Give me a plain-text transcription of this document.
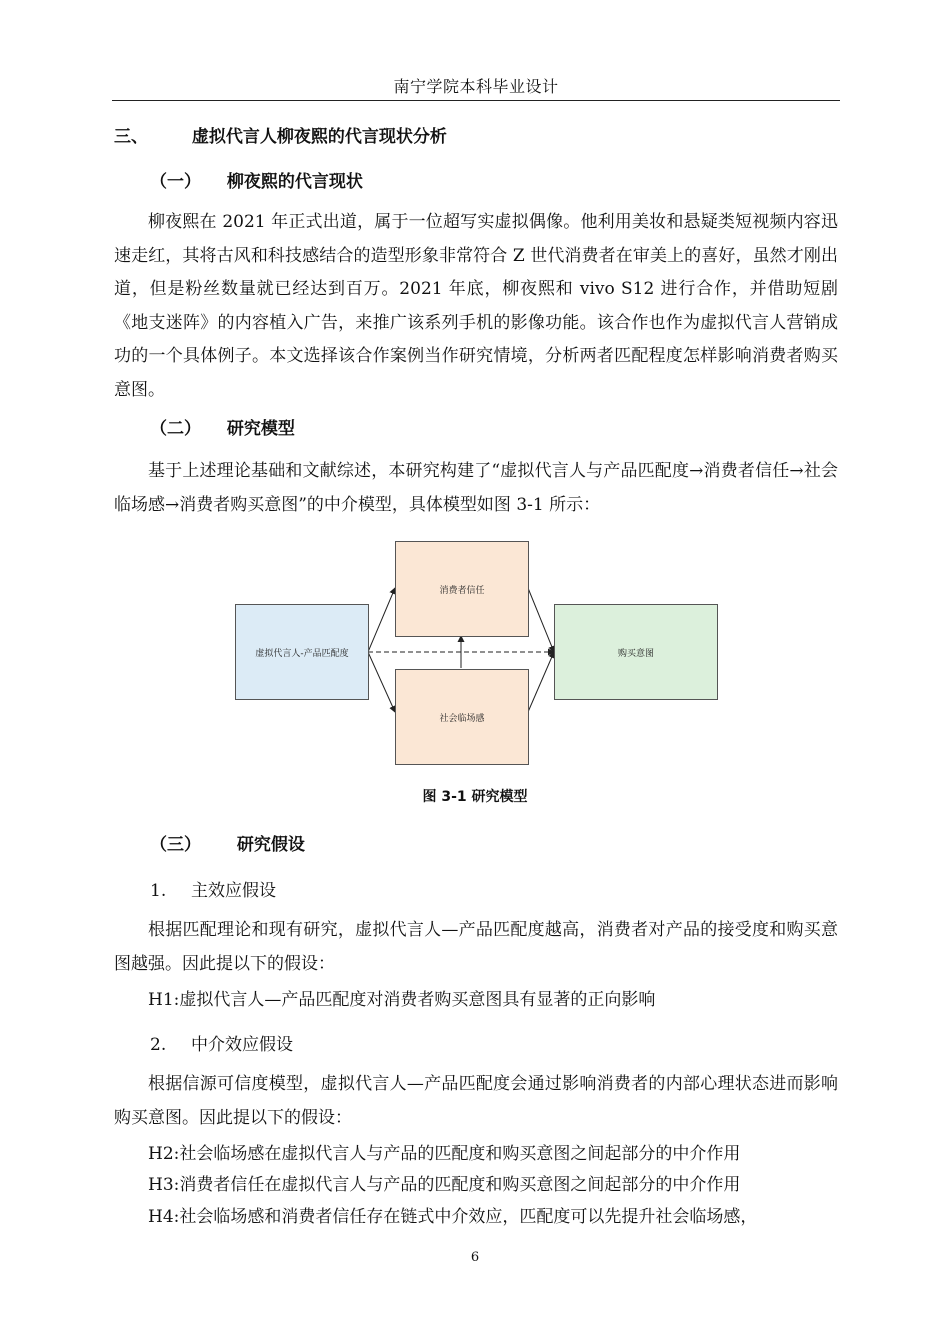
南宁学院本科毕业设计
三、	虚拟代言人柳夜熙的代言现状分析
（一） 柳夜熙的代言现状
柳夜熙在 2021 年正式出道，属于一位超写实虚拟偶像。他利用美妆和悬疑类短视频内容迅速走红，其将古风和科技感结合的造型形象非常符合 Z 世代消费者在审美上的喜好，虽然才刚出道，但是粉丝数量就已经达到百万。2021 年底，柳夜熙和 vivo S12 进行合作，并借助短剧《地支迷阵》的内容植入广告，来推广该系列手机的影像功能。该合作也作为虚拟代言人营销成功的一个具体例子。本文选择该合作案例当作研究情境，分析两者匹配程度怎样影响消费者购买意图。
（二） 研究模型
基于上述理论基础和文献综述，本研究构建了“虚拟代言人与产品匹配度→消费者信任→社会临场感→消费者购买意图”的中介模型，具体模型如图 3-1 所示：
虚拟代言人-产品匹配度
消费者信任
社会临场感
购买意图
图 3-1 研究模型
（三） 研究假设
1. 主效应假设
根据匹配理论和现有研究，虚拟代言人—产品匹配度越高，消费者对产品的接受度和购买意图越强。因此提以下的假设：
H1:虚拟代言人—产品匹配度对消费者购买意图具有显著的正向影响
2. 中介效应假设
根据信源可信度模型，虚拟代言人—产品匹配度会通过影响消费者的内部心理状态进而影响购买意图。因此提以下的假设：
H2:社会临场感在虚拟代言人与产品的匹配度和购买意图之间起部分的中介作用
H3:消费者信任在虚拟代言人与产品的匹配度和购买意图之间起部分的中介作用
H4:社会临场感和消费者信任存在链式中介效应，匹配度可以先提升社会临场感，
6
